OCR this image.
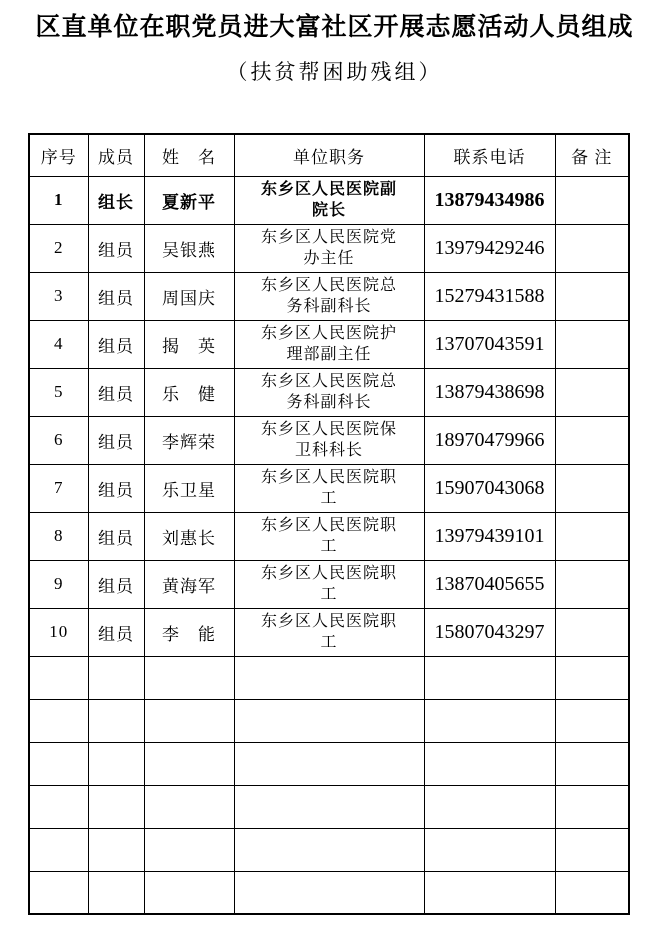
区直单位在职党员进大富社区开展志愿活动人员组成
（扶贫帮困助残组）
序号	成员	姓　名	单位职务	联系电话	备 注
1	组长	夏新平	东乡区人民医院副院长	13879434986	
2	组员	吴银燕	东乡区人民医院党办主任	13979429246	
3	组员	周国庆	东乡区人民医院总务科副科长	15279431588	
4	组员	揭　英	东乡区人民医院护理部副主任	13707043591	
5	组员	乐　健	东乡区人民医院总务科副科长	13879438698	
6	组员	李辉荣	东乡区人民医院保卫科科长	18970479966	
7	组员	乐卫星	东乡区人民医院职工	15907043068	
8	组员	刘惠长	东乡区人民医院职工	13979439101	
9	组员	黄海军	东乡区人民医院职工	13870405655	
10	组员	李　能	东乡区人民医院职工	15807043297	
